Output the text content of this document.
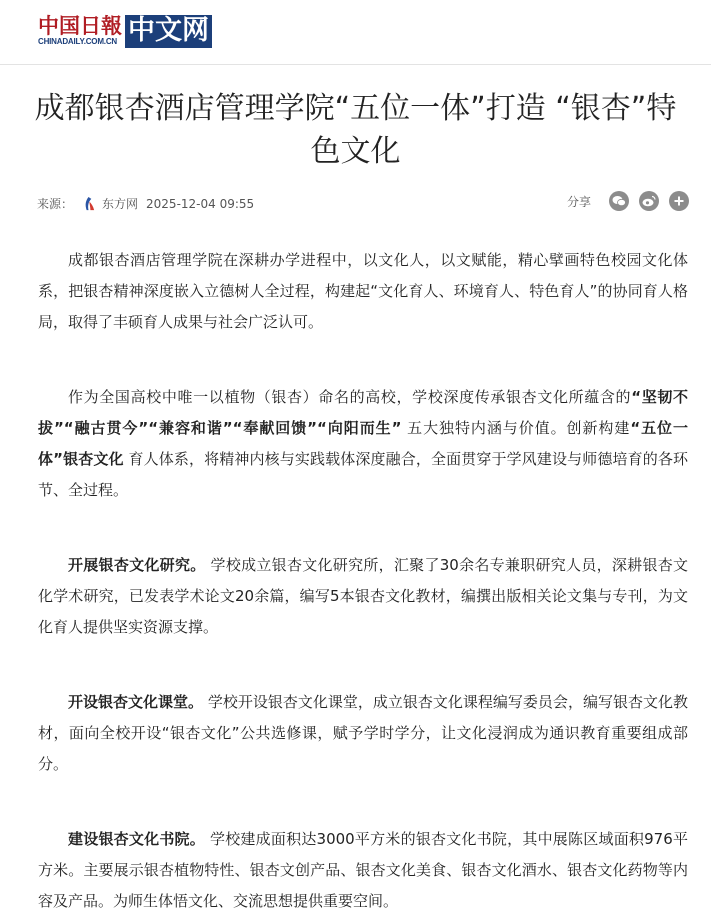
中国日報
CHINADAILY.COM.CN 中文网
成都银杏酒店管理学院“五位一体”打造 “银杏”特色文化
来源： 东方网 2025-12-04 09:55	分享

成都银杏酒店管理学院在深耕办学进程中，以文化人，以文赋能，精心擘画特色校园文化体系，把银杏精神深度嵌入立德树人全过程，构建起“文化育人、环境育人、特色育人”的协同育人格局，取得了丰硕育人成果与社会广泛认可。

作为全国高校中唯一以植物（银杏）命名的高校，学校深度传承银杏文化所蕴含的“坚韧不拔”“融古贯今”“兼容和谐”“奉献回馈”“向阳而生” 五大独特内涵与价值。创新构建“五位一体”银杏文化 育人体系，将精神内核与实践载体深度融合，全面贯穿于学风建设与师德培育的各环节、全过程。

开展银杏文化研究。 学校成立银杏文化研究所，汇聚了30余名专兼职研究人员，深耕银杏文化学术研究，已发表学术论文20余篇，编写5本银杏文化教材，编撰出版相关论文集与专刊，为文化育人提供坚实资源支撑。

开设银杏文化课堂。 学校开设银杏文化课堂，成立银杏文化课程编写委员会，编写银杏文化教材，面向全校开设“银杏文化”公共选修课，赋予学时学分，让文化浸润成为通识教育重要组成部分。

建设银杏文化书院。 学校建成面积达3000平方米的银杏文化书院，其中展陈区域面积976平方米。主要展示银杏植物特性、银杏文创产品、银杏文化美食、银杏文化酒水、银杏文化药物等内容及产品。为师生体悟文化、交流思想提供重要空间。
